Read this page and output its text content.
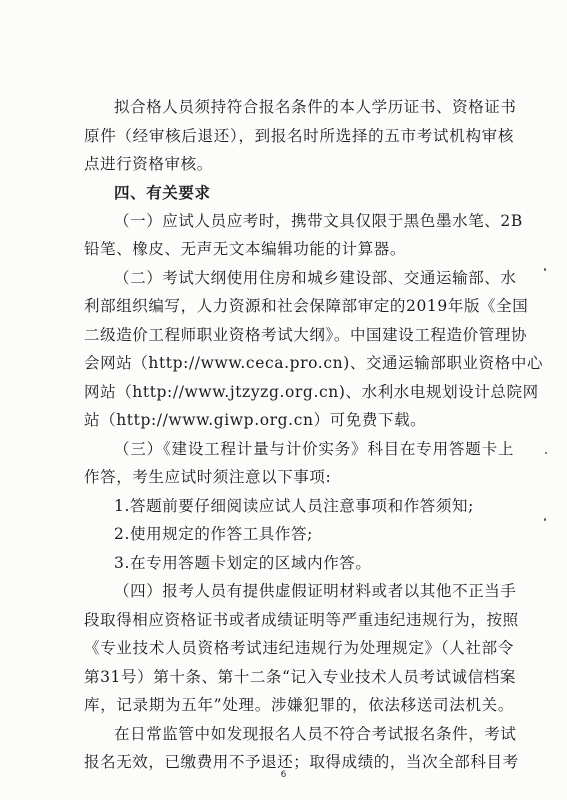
拟合格人员须持符合报名条件的本人学历证书、资格证书
原件（经审核后退还），到报名时所选择的五市考试机构审核
点进行资格审核。
四、有关要求
（一）应试人员应考时，携带文具仅限于黑色墨水笔、2B
铅笔、橡皮、无声无文本编辑功能的计算器。
（二）考试大纲使用住房和城乡建设部、交通运输部、水
利部组织编写，人力资源和社会保障部审定的2019年版《全国
二级造价工程师职业资格考试大纲》。中国建设工程造价管理协
会网站（http://www.ceca.pro.cn)、交通运输部职业资格中心
网站（http://www.jtzyzg.org.cn)、水利水电规划设计总院网
站（http://www.giwp.org.cn）可免费下载。
（三）《建设工程计量与计价实务》科目在专用答题卡上
作答，考生应试时须注意以下事项:
1.答题前要仔细阅读应试人员注意事项和作答须知;
2.使用规定的作答工具作答;
3.在专用答题卡划定的区域内作答。
（四）报考人员有提供虚假证明材料或者以其他不正当手
段取得相应资格证书或者成绩证明等严重违纪违规行为，按照
《专业技术人员资格考试违纪违规行为处理规定》（人社部令
第31号）第十条、第十二条“记入专业技术人员考试诚信档案
6
库，记录期为五年”处理。涉嫌犯罪的，依法移送司法机关。
在日常监管中如发现报名人员不符合考试报名条件，考试
报名无效，已缴费用不予退还；取得成绩的，当次全部科目考
